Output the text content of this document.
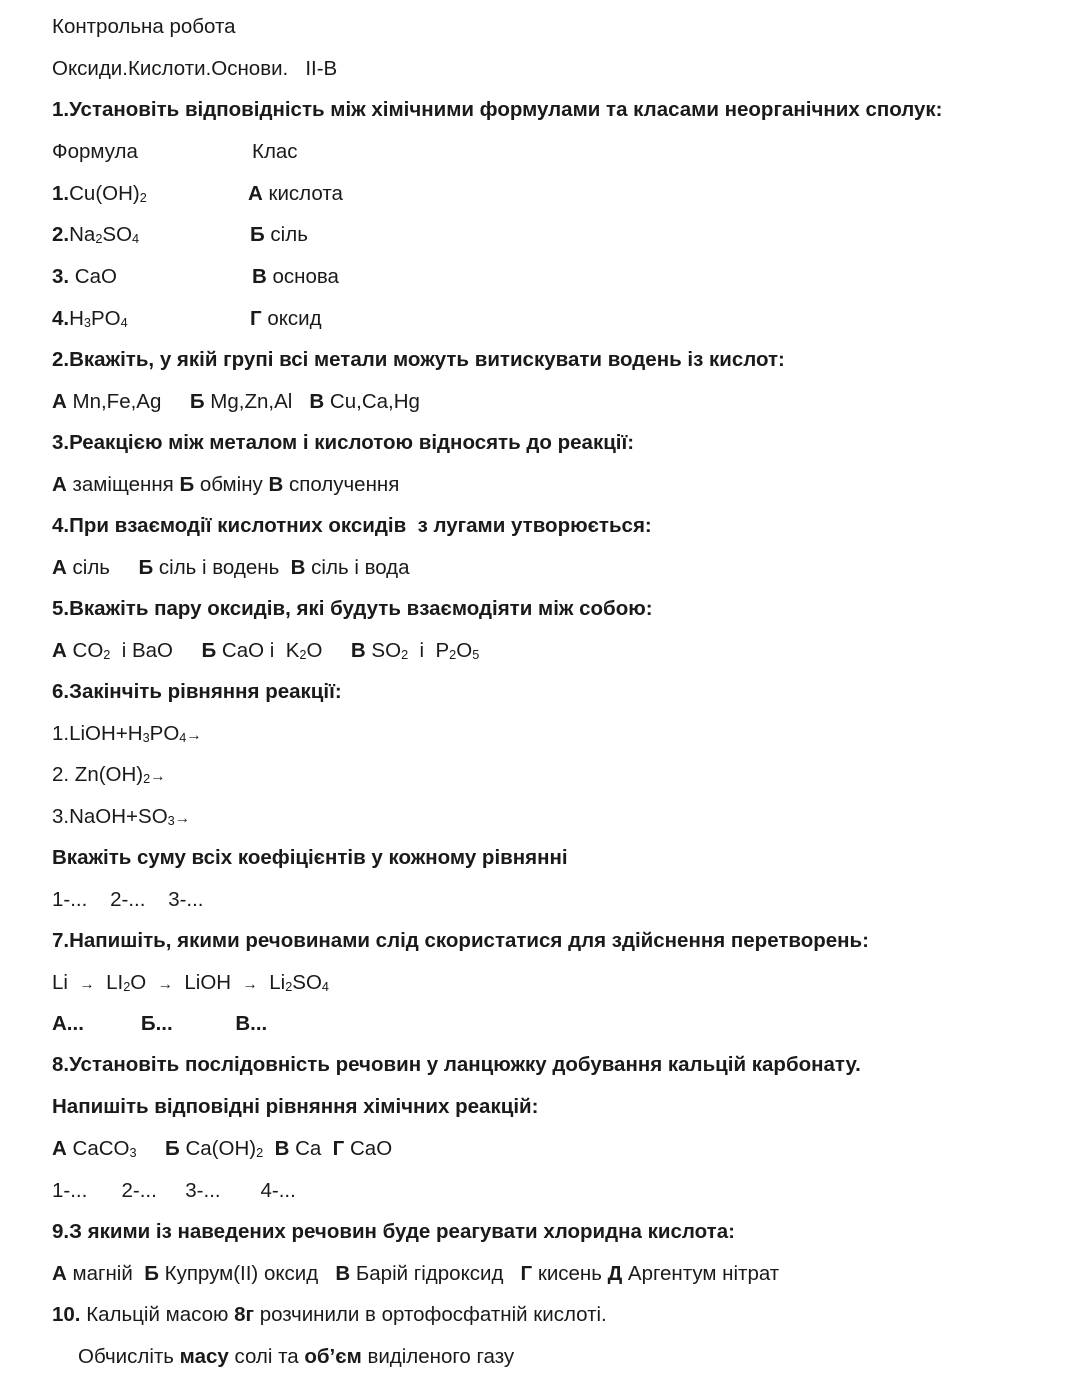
Контрольна робота
Оксиди.Кислоти.Основи.   ІІ-В
1.Установіть відповідність між хімічними формулами та класами неорганічних сполук:
Формула	Клас
$1.Cu(OH)_2$	А кислота
$2.Na_2SO_4$	Б сіль
3. CaO	В основа
$4.H_3PO_4$	Г оксид
2.Вкажіть, у якій групі всі метали можуть витискувати водень із кислот:
А Mn,Fe,Ag Б Mg,Zn,Al В Cu,Ca,Hg
3.Реакцією між металом і кислотою відносять до реакції:
А заміщення Б обміну В сполучення
4.При взаємодії кислотних оксидів  з лугами утворюється:
А сіль Б сіль і водень В сіль і вода
5.Вкажіть пару оксидів, які будуть взаємодіяти між собою:
А $CO_2$  і BaO Б CaO і  $K_2O$ В $SO_2$  і  $P_2O_5$
6.Закінчіть рівняння реакції:
$1.LiOH+H_3PO_4\to$
2. $Zn(OH)_2\to$
$3.NaOH+SO_3\to$
Вкажіть суму всіх коефіцієнтів у кожному рівнянні
1-...    2-...    3-...
7.Напишіть, якими речовинами слід скористатися для здійснення перетворень:
$Li \to LI_2O$  →  LiOH  →  $Li_2SO_4$
А...          Б...           В...
8.Установіть послідовність речовин у ланцюжку добування кальцій карбонату.
Напишіть відповідні рівняння хімічних реакцій:
А CaCO$_3$ Б $Ca(OH)_2$ В Ca  Г CaO
1-...      2-...     3-...       4-...
9.З якими із наведених речовин буде реагувати хлоридна кислота:
А магній  Б Купрум(ІІ) оксид   В Барій гідроксид   Г кисень Д Аргентум нітрат
10. Кальцій масою 8г розчинили в ортофосфатній кислоті.
Обчисліть масу солі та об’єм виділеного газу
